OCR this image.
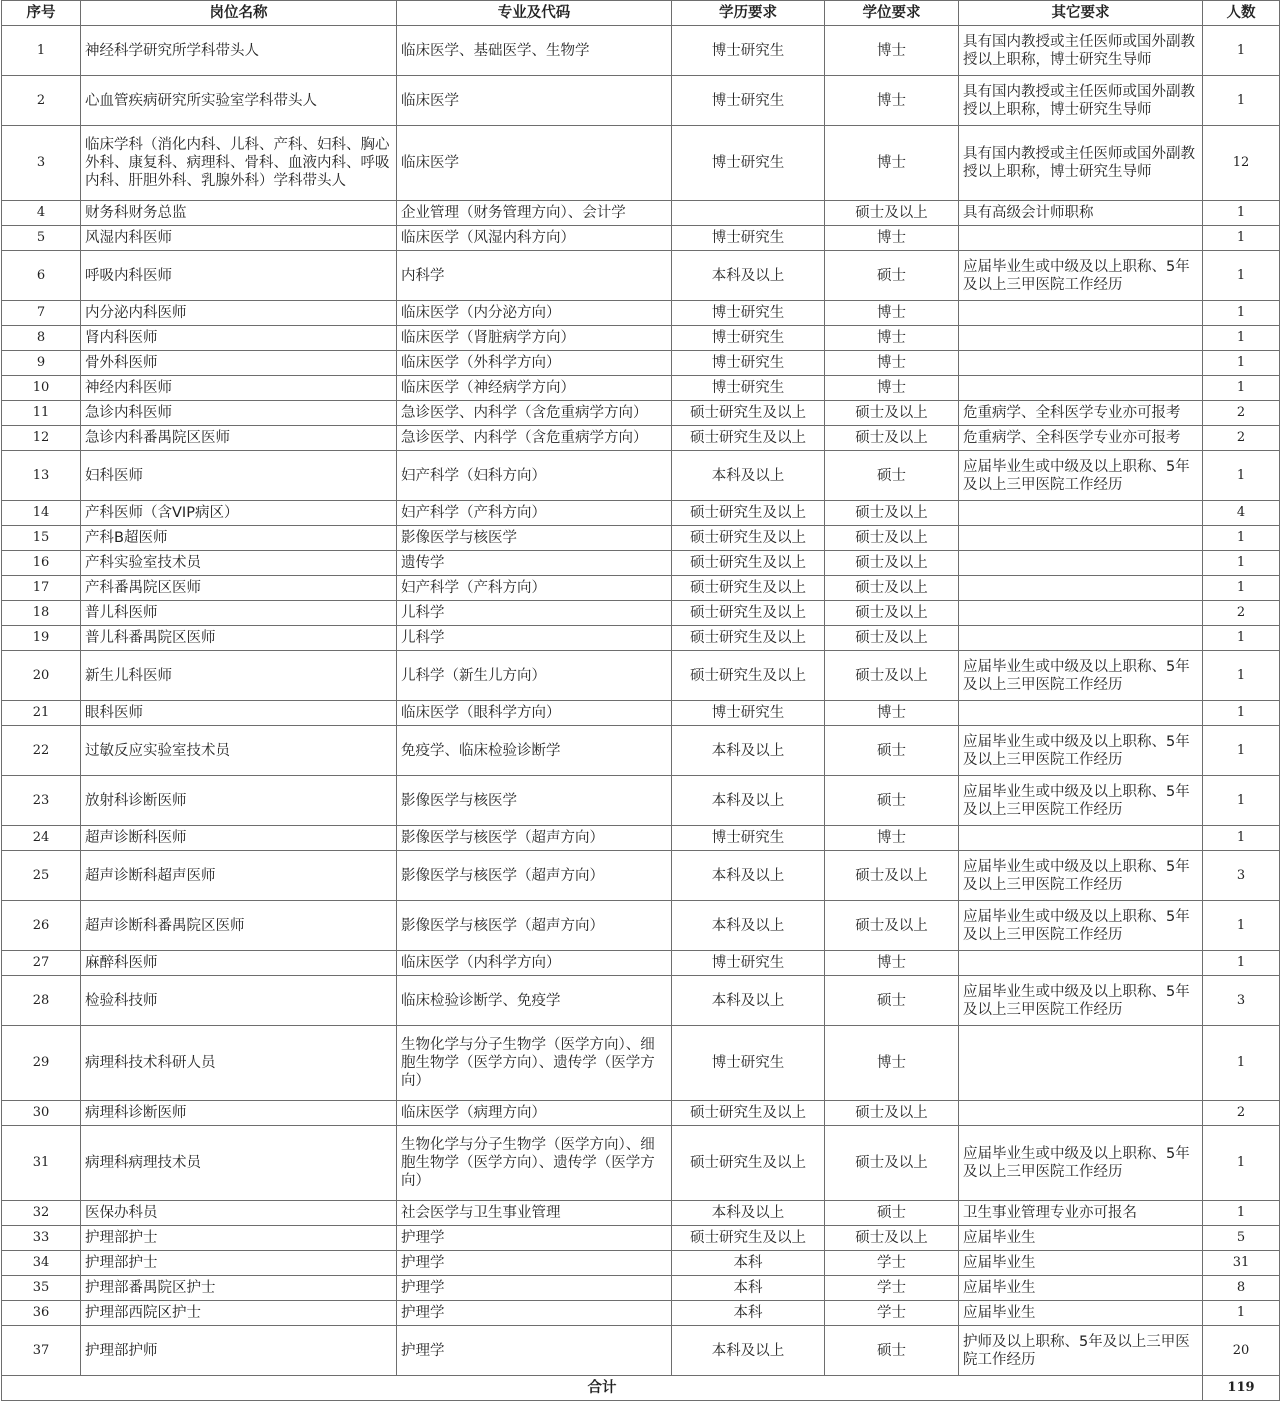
序号	岗位名称	专业及代码	学历要求	学位要求	其它要求	人数
1	神经科学研究所学科带头人	临床医学、基础医学、生物学	博士研究生	博士	具有国内教授或主任医师或国外副教授以上职称，博士研究生导师	1
2	心血管疾病研究所实验室学科带头人	临床医学	博士研究生	博士	具有国内教授或主任医师或国外副教授以上职称，博士研究生导师	1
3	临床学科（消化内科、儿科、产科、妇科、胸心外科、康复科、病理科、骨科、血液内科、呼吸内科、肝胆外科、乳腺外科）学科带头人	临床医学	博士研究生	博士	具有国内教授或主任医师或国外副教授以上职称，博士研究生导师	12
4	财务科财务总监	企业管理（财务管理方向）、会计学		硕士及以上	具有高级会计师职称	1
5	风湿内科医师	临床医学（风湿内科方向）	博士研究生	博士		1
6	呼吸内科医师	内科学	本科及以上	硕士	应届毕业生或中级及以上职称、5年及以上三甲医院工作经历	1
7	内分泌内科医师	临床医学（内分泌方向）	博士研究生	博士		1
8	肾内科医师	临床医学（肾脏病学方向）	博士研究生	博士		1
9	骨外科医师	临床医学（外科学方向）	博士研究生	博士		1
10	神经内科医师	临床医学（神经病学方向）	博士研究生	博士		1
11	急诊内科医师	急诊医学、内科学（含危重病学方向）	硕士研究生及以上	硕士及以上	危重病学、全科医学专业亦可报考	2
12	急诊内科番禺院区医师	急诊医学、内科学（含危重病学方向）	硕士研究生及以上	硕士及以上	危重病学、全科医学专业亦可报考	2
13	妇科医师	妇产科学（妇科方向）	本科及以上	硕士	应届毕业生或中级及以上职称、5年及以上三甲医院工作经历	1
14	产科医师（含VIP病区）	妇产科学（产科方向）	硕士研究生及以上	硕士及以上		4
15	产科B超医师	影像医学与核医学	硕士研究生及以上	硕士及以上		1
16	产科实验室技术员	遗传学	硕士研究生及以上	硕士及以上		1
17	产科番禺院区医师	妇产科学（产科方向）	硕士研究生及以上	硕士及以上		1
18	普儿科医师	儿科学	硕士研究生及以上	硕士及以上		2
19	普儿科番禺院区医师	儿科学	硕士研究生及以上	硕士及以上		1
20	新生儿科医师	儿科学（新生儿方向）	硕士研究生及以上	硕士及以上	应届毕业生或中级及以上职称、5年及以上三甲医院工作经历	1
21	眼科医师	临床医学（眼科学方向）	博士研究生	博士		1
22	过敏反应实验室技术员	免疫学、临床检验诊断学	本科及以上	硕士	应届毕业生或中级及以上职称、5年及以上三甲医院工作经历	1
23	放射科诊断医师	影像医学与核医学	本科及以上	硕士	应届毕业生或中级及以上职称、5年及以上三甲医院工作经历	1
24	超声诊断科医师	影像医学与核医学（超声方向）	博士研究生	博士		1
25	超声诊断科超声医师	影像医学与核医学（超声方向）	本科及以上	硕士及以上	应届毕业生或中级及以上职称、5年及以上三甲医院工作经历	3
26	超声诊断科番禺院区医师	影像医学与核医学（超声方向）	本科及以上	硕士及以上	应届毕业生或中级及以上职称、5年及以上三甲医院工作经历	1
27	麻醉科医师	临床医学（内科学方向）	博士研究生	博士		1
28	检验科技师	临床检验诊断学、免疫学	本科及以上	硕士	应届毕业生或中级及以上职称、5年及以上三甲医院工作经历	3
29	病理科技术科研人员	生物化学与分子生物学（医学方向）、细胞生物学（医学方向）、遗传学（医学方向）	博士研究生	博士		1
30	病理科诊断医师	临床医学（病理方向）	硕士研究生及以上	硕士及以上		2
31	病理科病理技术员	生物化学与分子生物学（医学方向）、细胞生物学（医学方向）、遗传学（医学方向）	硕士研究生及以上	硕士及以上	应届毕业生或中级及以上职称、5年及以上三甲医院工作经历	1
32	医保办科员	社会医学与卫生事业管理	本科及以上	硕士	卫生事业管理专业亦可报名	1
33	护理部护士	护理学	硕士研究生及以上	硕士及以上	应届毕业生	5
34	护理部护士	护理学	本科	学士	应届毕业生	31
35	护理部番禺院区护士	护理学	本科	学士	应届毕业生	8
36	护理部西院区护士	护理学	本科	学士	应届毕业生	1
37	护理部护师	护理学	本科及以上	硕士	护师及以上职称、5年及以上三甲医院工作经历	20
合计						119
